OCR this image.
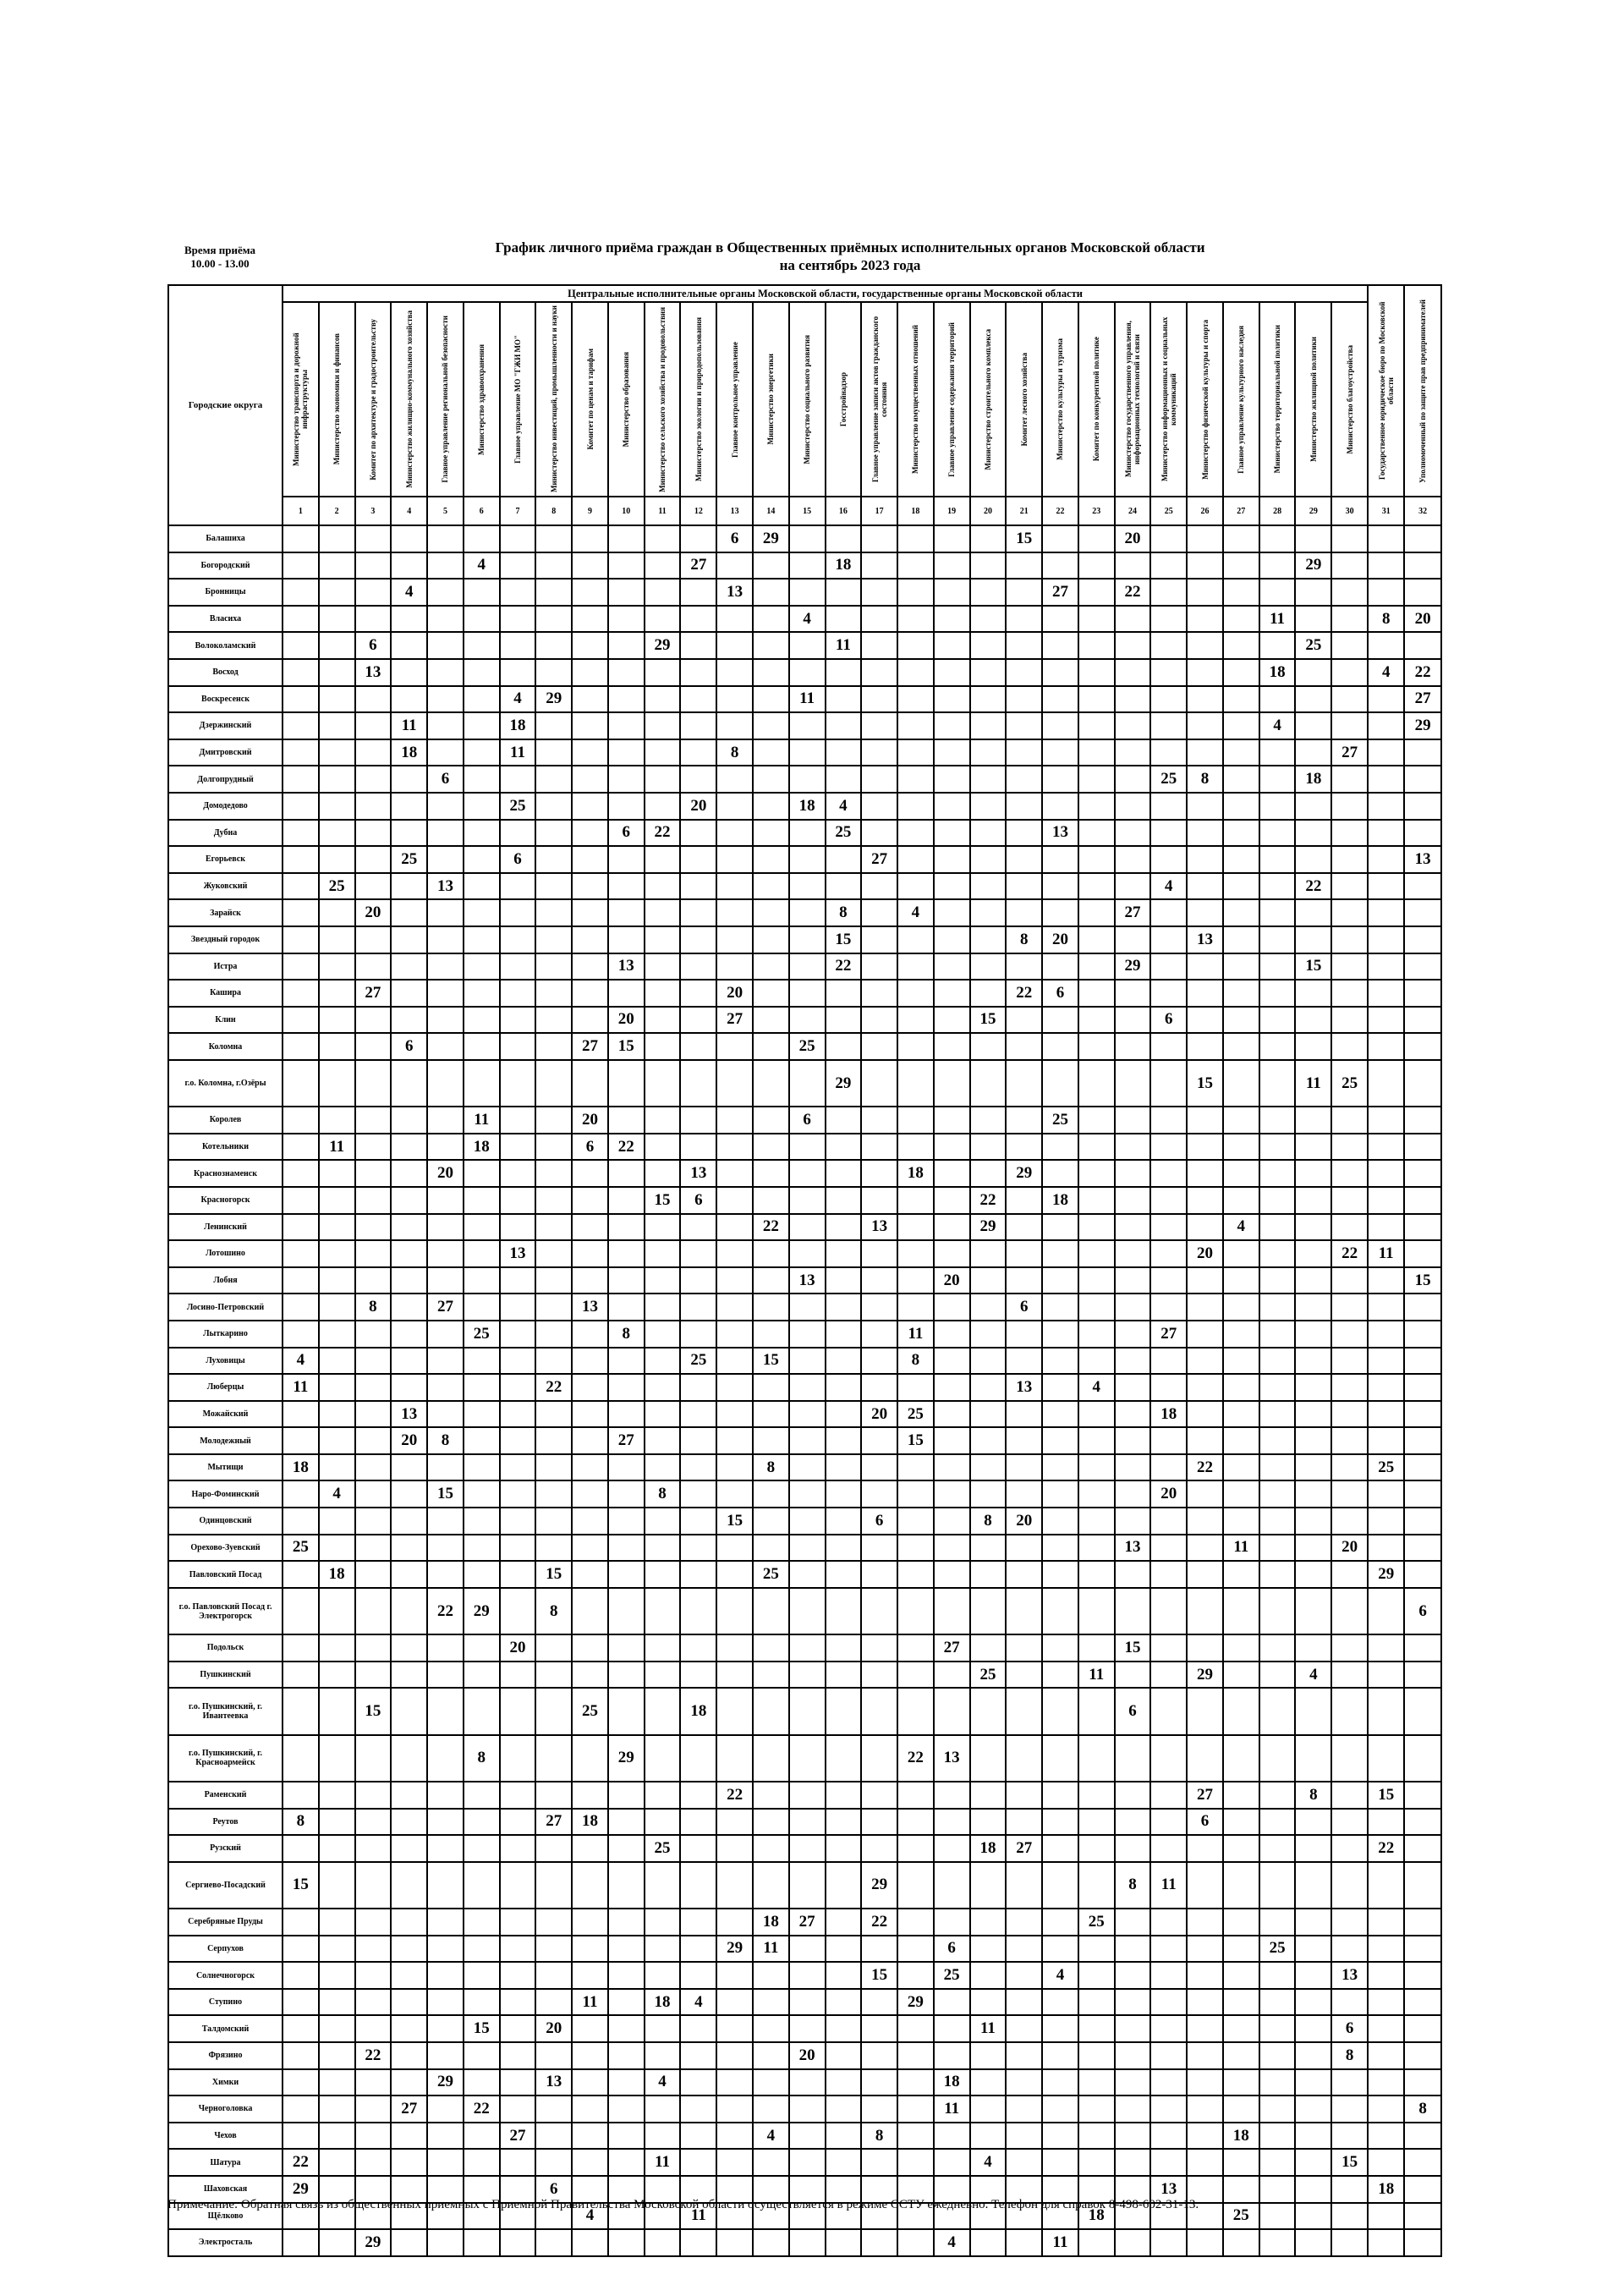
Время приёма
10.00 - 13.00
График личного приёма граждан в Общественных приёмных исполнительных органов Московской области
на сентябрь 2023 года
Городские округа	Центральные исполнительные органы Московской области, государственные органы Московской области																														Государственное юридическое бюро по Московской области	Уполномоченный по защите прав предпринимателей

	Министерство транспорта и дорожной инфраструктуры	Министерство экономики и финансов	Комитет по архитектуре и градостроительству	Министерство жилищно-коммунального хозяйства	Главное управление региональной безопасности	Министерство здравоохранения	Главное управление МО "ГЖИ МО"	Министерство инвестиций, промышленности и науки	Комитет по ценам и тарифам	Министерство образования	Министерство сельского хозяйства и продовольствия	Министерство экологии и природопользования	Главное контрольное управление	Министерство энергетики	Министерство социального развития	Госстройнадзор	Главное управление записи актов гражданского состояния	Министерство имущественных отношений	Главное управление содержания территорий	Министерство строительного комплекса	Комитет лесного хозяйства	Министерство культуры и туризма	Комитет по конкурентной политике	Министерство государственного управления, информационных технологий и связи	Министерство информационных и социальных коммуникаций	Министерство физической культуры и спорта	Главное управление культурного наследия	Министерство территориальной политики	Министерство жилищной политики	Министерство благоустройства		

	1	2	3	4	5	6	7	8	9	10	11	12	13	14	15	16	17	18	19	20	21	22	23	24	25	26	27	28	29	30	31	32
Балашиха													6	29							15			20								
Богородский						4						27				18													29			
Бронницы				4									13									27		22								
Власиха															4													11			8	20
Волоколамский			6								29					11													25			
Восход			13																									18			4	22
Воскресенск							4	29							11																	27
Дзержинский				11			18																					4				29
Дмитровский				18			11						8																	27		
Долгопрудный					6																				25	8			18			
Домодедово							25					20			18	4																
Дубна										6	22					25						13										
Егорьевск				25			6										27															13
Жуковский		25			13																				4				22			
Зарайск			20													8		4						27								
Звездный городок																15					8	20				13						
Истра										13						22								29					15			
Кашира			27										20								22	6										
Клин										20			27							15					6							
Коломна				6					27	15					25																	
г.о. Коломна, г.Озёры																29										15			11	25		
Королев						11			20						6							25										
Котельники		11				18			6	22																						
Краснознаменск					20							13						18			29											
Красногорск											15	6								22		18										
Ленинский														22			13			29							4					
Лотошино							13																			20				22	11	
Лобня															13				20													15
Лосино-Петровский			8		27				13												6											
Лыткарино						25				8								11							27							
Луховицы	4											25		15				8														
Люберцы	11							22													13		4									
Можайский				13													20	25							18							
Молодежный				20	8					27								15														
Мытищи	18													8												22					25	
Наро-Фоминский		4			15						8														20							
Одинцовский													15				6			8	20											
Орехово-Зуевский	25																							13			11			20		
Павловский Посад		18						15						25																	29	
г.о. Павловский Посад г. Электрогорск					22	29		8																								6
Подольск							20												27					15								
Пушкинский																				25			11			29			4			
г.о. Пушкинский, г. Ивантеевка			15						25			18												6								
г.о. Пушкинский, г. Красноармейск						8				29								22	13													
Раменский													22													27			8		15	
Реутов	8							27	18																	6						
Рузский											25									18	27										22	
Сергиево-Посадский	15																29							8	11							
Серебряные Пруды														18	27		22						25									
Серпухов													29	11					6									25				
Солнечногорск																	15		25			4								13		
Ступино									11		18	4						29														
Талдомский						15		20												11										6		
Фрязино			22												20															8		
Химки					29			13			4								18													
Черноголовка				27		22													11													8
Чехов							27							4			8										18					
Шатура	22										11									4										15		
Шаховская	29							6																	13						18	
Щёлково									4			11											18				25					
Электросталь			29																4			11										
Примечание: Обратная связь из общественных приемных с Приемной Правительства Московской области осуществляется в режиме ССТУ ежедневно. Телефон для справок 8-498-602-31-13.
